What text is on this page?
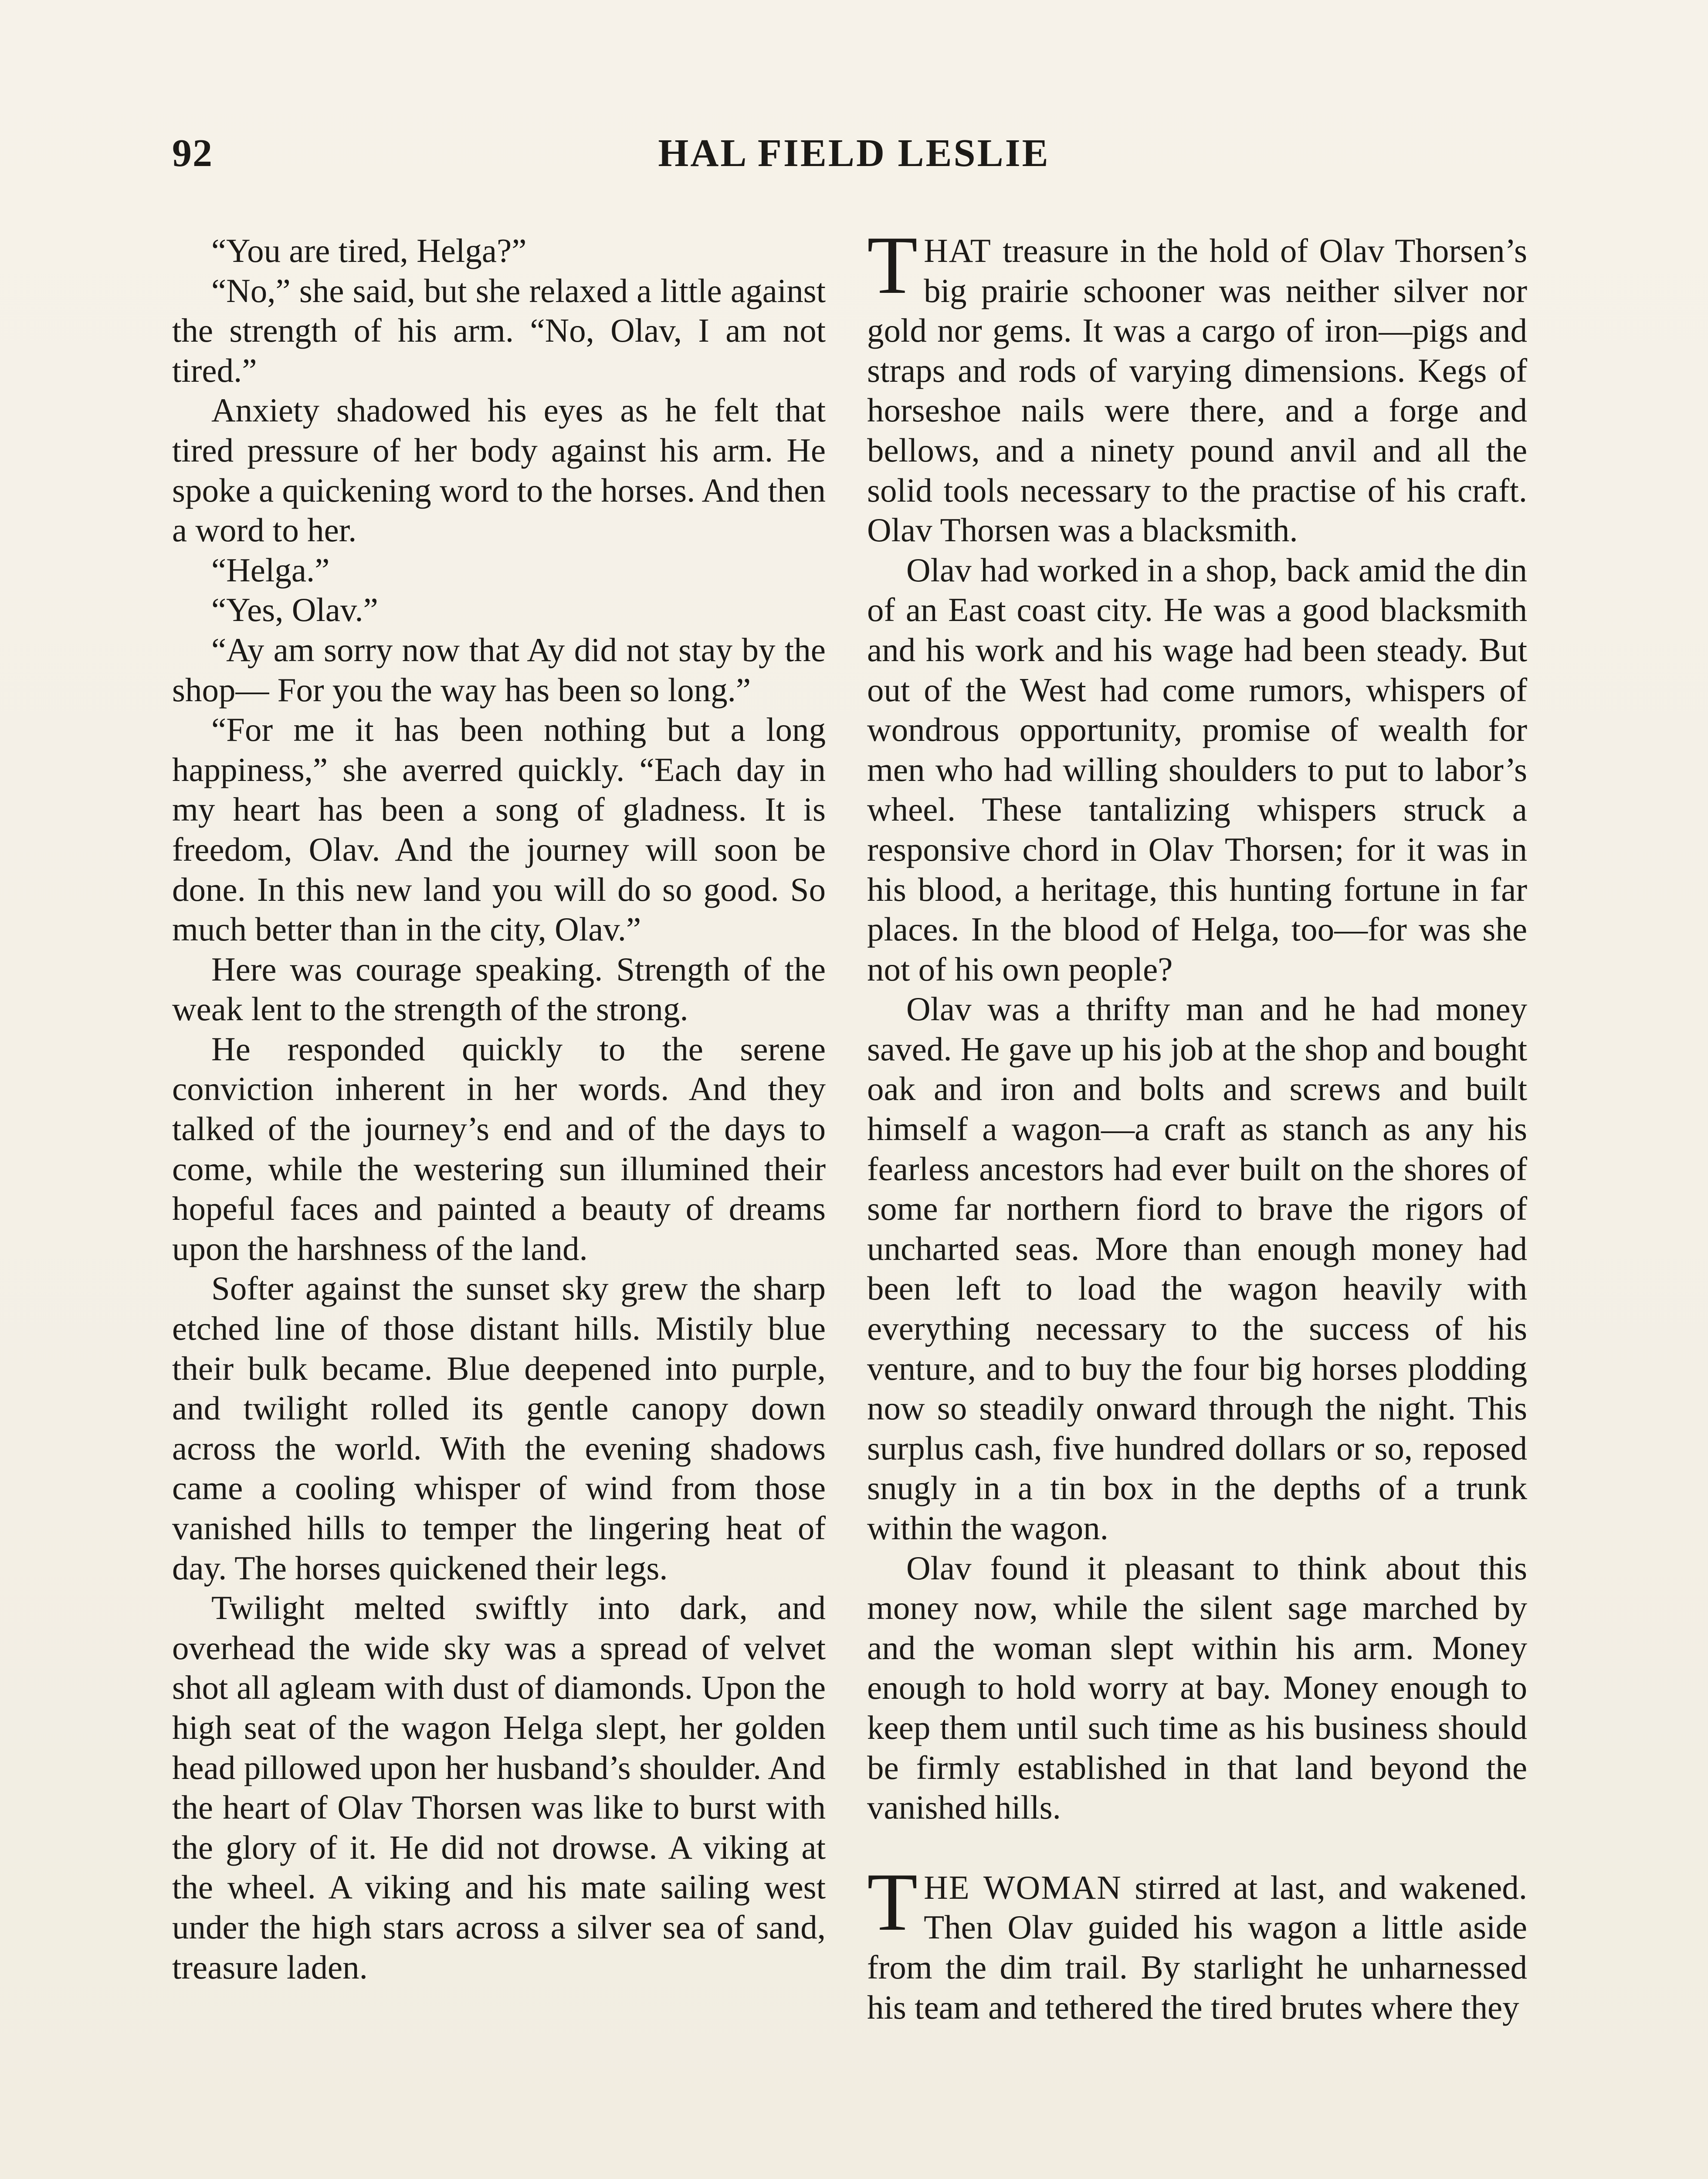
92	HAL FIELD LESLIE

“You are tired, Helga?”

“No,” she said, but she relaxed a little against the strength of his arm. “No, Olav, I am not tired.”

Anxiety shadowed his eyes as he felt that tired pressure of her body against his arm. He spoke a quickening word to the horses. And then a word to her.

“Helga.”

“Yes, Olav.”

“Ay am sorry now that Ay did not stay by the shop— For you the way has been so long.”

“For me it has been nothing but a long happiness,” she averred quickly. “Each day in my heart has been a song of gladness. It is freedom, Olav. And the journey will soon be done. In this new land you will do so good. So much better than in the city, Olav.”

Here was courage speaking. Strength of the weak lent to the strength of the strong.

He responded quickly to the serene conviction inherent in her words. And they talked of the journey’s end and of the days to come, while the westering sun illumined their hopeful faces and painted a beauty of dreams upon the harshness of the land.

Softer against the sunset sky grew the sharp etched line of those distant hills. Mistily blue their bulk became. Blue deepened into purple, and twilight rolled its gentle canopy down across the world. With the evening shadows came a cooling whisper of wind from those vanished hills to temper the lingering heat of day. The horses quickened their legs.

Twilight melted swiftly into dark, and overhead the wide sky was a spread of velvet shot all agleam with dust of diamonds. Upon the high seat of the wagon Helga slept, her golden head pillowed upon her husband’s shoulder. And the heart of Olav Thorsen was like to burst with the glory of it. He did not drowse. A viking at the wheel. A viking and his mate sailing west under the high stars across a silver sea of sand, treasure laden.

THAT treasure in the hold of Olav Thorsen’s big prairie schooner was neither silver nor gold nor gems. It was a cargo of iron—pigs and straps and rods of varying dimensions. Kegs of horseshoe nails were there, and a forge and bellows, and a ninety pound anvil and all the solid tools necessary to the practise of his craft. Olav Thorsen was a blacksmith.

Olav had worked in a shop, back amid the din of an East coast city. He was a good blacksmith and his work and his wage had been steady. But out of the West had come rumors, whispers of wondrous opportunity, promise of wealth for men who had willing shoulders to put to labor’s wheel. These tantalizing whispers struck a responsive chord in Olav Thorsen; for it was in his blood, a heritage, this hunting fortune in far places. In the blood of Helga, too—for was she not of his own people?

Olav was a thrifty man and he had money saved. He gave up his job at the shop and bought oak and iron and bolts and screws and built himself a wagon—a craft as stanch as any his fearless ancestors had ever built on the shores of some far northern fiord to brave the rigors of uncharted seas. More than enough money had been left to load the wagon heavily with everything necessary to the success of his venture, and to buy the four big horses plodding now so steadily onward through the night. This surplus cash, five hundred dollars or so, reposed snugly in a tin box in the depths of a trunk within the wagon.

Olav found it pleasant to think about this money now, while the silent sage marched by and the woman slept within his arm. Money enough to hold worry at bay. Money enough to keep them until such time as his business should be firmly established in that land beyond the vanished hills.

THE WOMAN stirred at last, and wakened. Then Olav guided his wagon a little aside from the dim trail. By starlight he unharnessed his team and tethered the tired brutes where they
